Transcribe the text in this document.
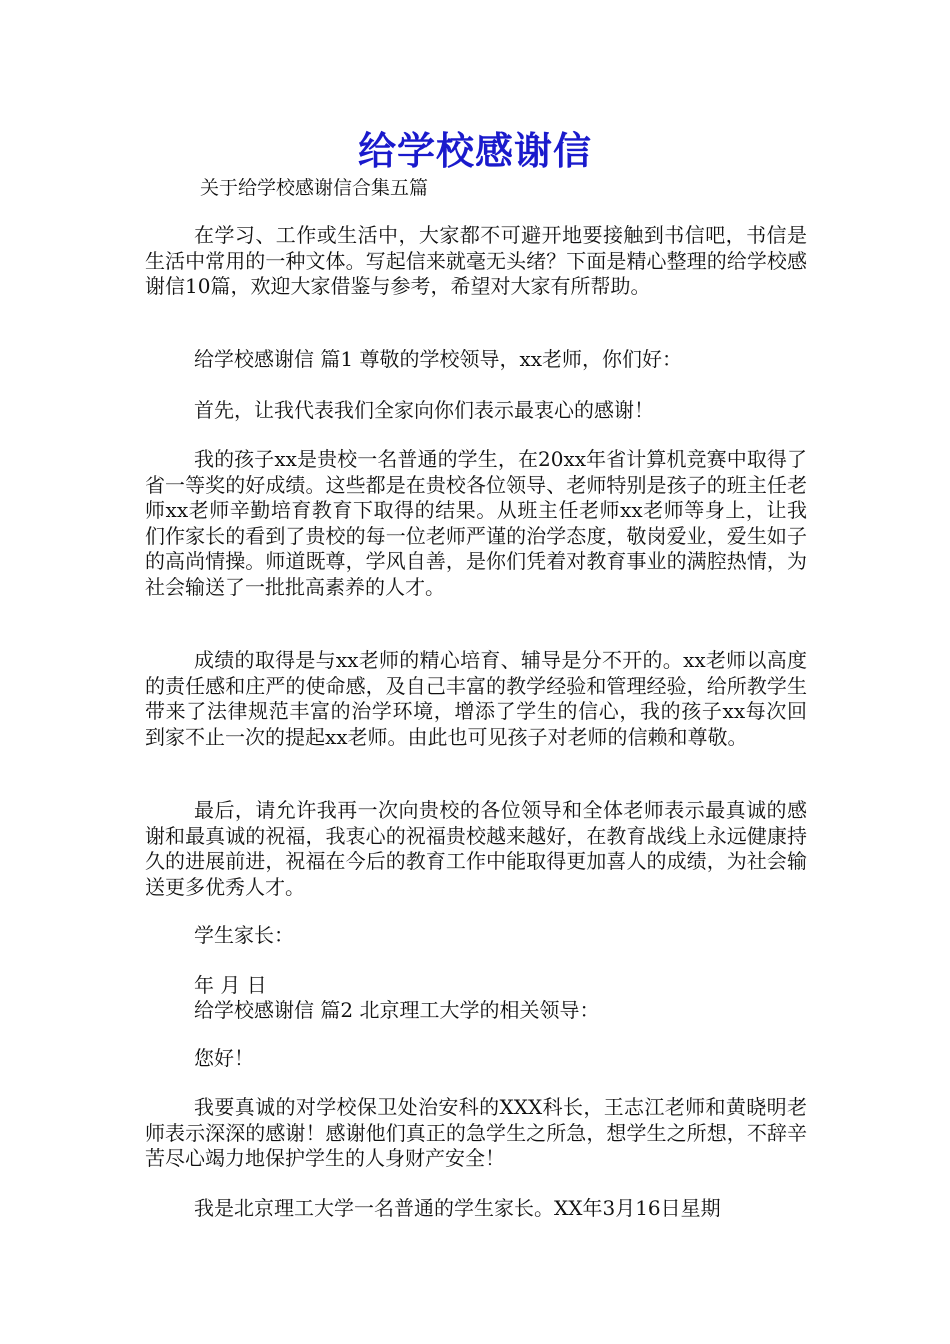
给学校感谢信
关于给学校感谢信合集五篇

在学习、工作或生活中，大家都不可避开地要接触到书信吧，书信是生活中常用的一种文体。写起信来就毫无头绪？下面是精心整理的给学校感谢信10篇，欢迎大家借鉴与参考，希望对大家有所帮助。

给学校感谢信 篇1 尊敬的学校领导，xx老师，你们好：

首先，让我代表我们全家向你们表示最衷心的感谢！

我的孩子xx是贵校一名普通的学生，在20xx年省计算机竞赛中取得了省一等奖的好成绩。这些都是在贵校各位领导、老师特别是孩子的班主任老师xx老师辛勤培育教育下取得的结果。从班主任老师xx老师等身上，让我们作家长的看到了贵校的每一位老师严谨的治学态度，敬岗爱业，爱生如子的高尚情操。师道既尊，学风自善，是你们凭着对教育事业的满腔热情，为社会输送了一批批高素养的人才。

成绩的取得是与xx老师的精心培育、辅导是分不开的。xx老师以高度的责任感和庄严的使命感，及自己丰富的教学经验和管理经验，给所教学生带来了法律规范丰富的治学环境，增添了学生的信心，我的孩子xx每次回到家不止一次的提起xx老师。由此也可见孩子对老师的信赖和尊敬。

最后，请允许我再一次向贵校的各位领导和全体老师表示最真诚的感谢和最真诚的祝福，我衷心的祝福贵校越来越好，在教育战线上永远健康持久的进展前进，祝福在今后的教育工作中能取得更加喜人的成绩，为社会输送更多优秀人才。

学生家长：

年 月 日

给学校感谢信 篇2 北京理工大学的相关领导：

您好！

我要真诚的对学校保卫处治安科的XXX科长，王志江老师和黄晓明老师表示深深的感谢！感谢他们真正的急学生之所急，想学生之所想，不辞辛苦尽心竭力地保护学生的人身财产安全！

我是北京理工大学一名普通的学生家长。XX年3月16日星期
